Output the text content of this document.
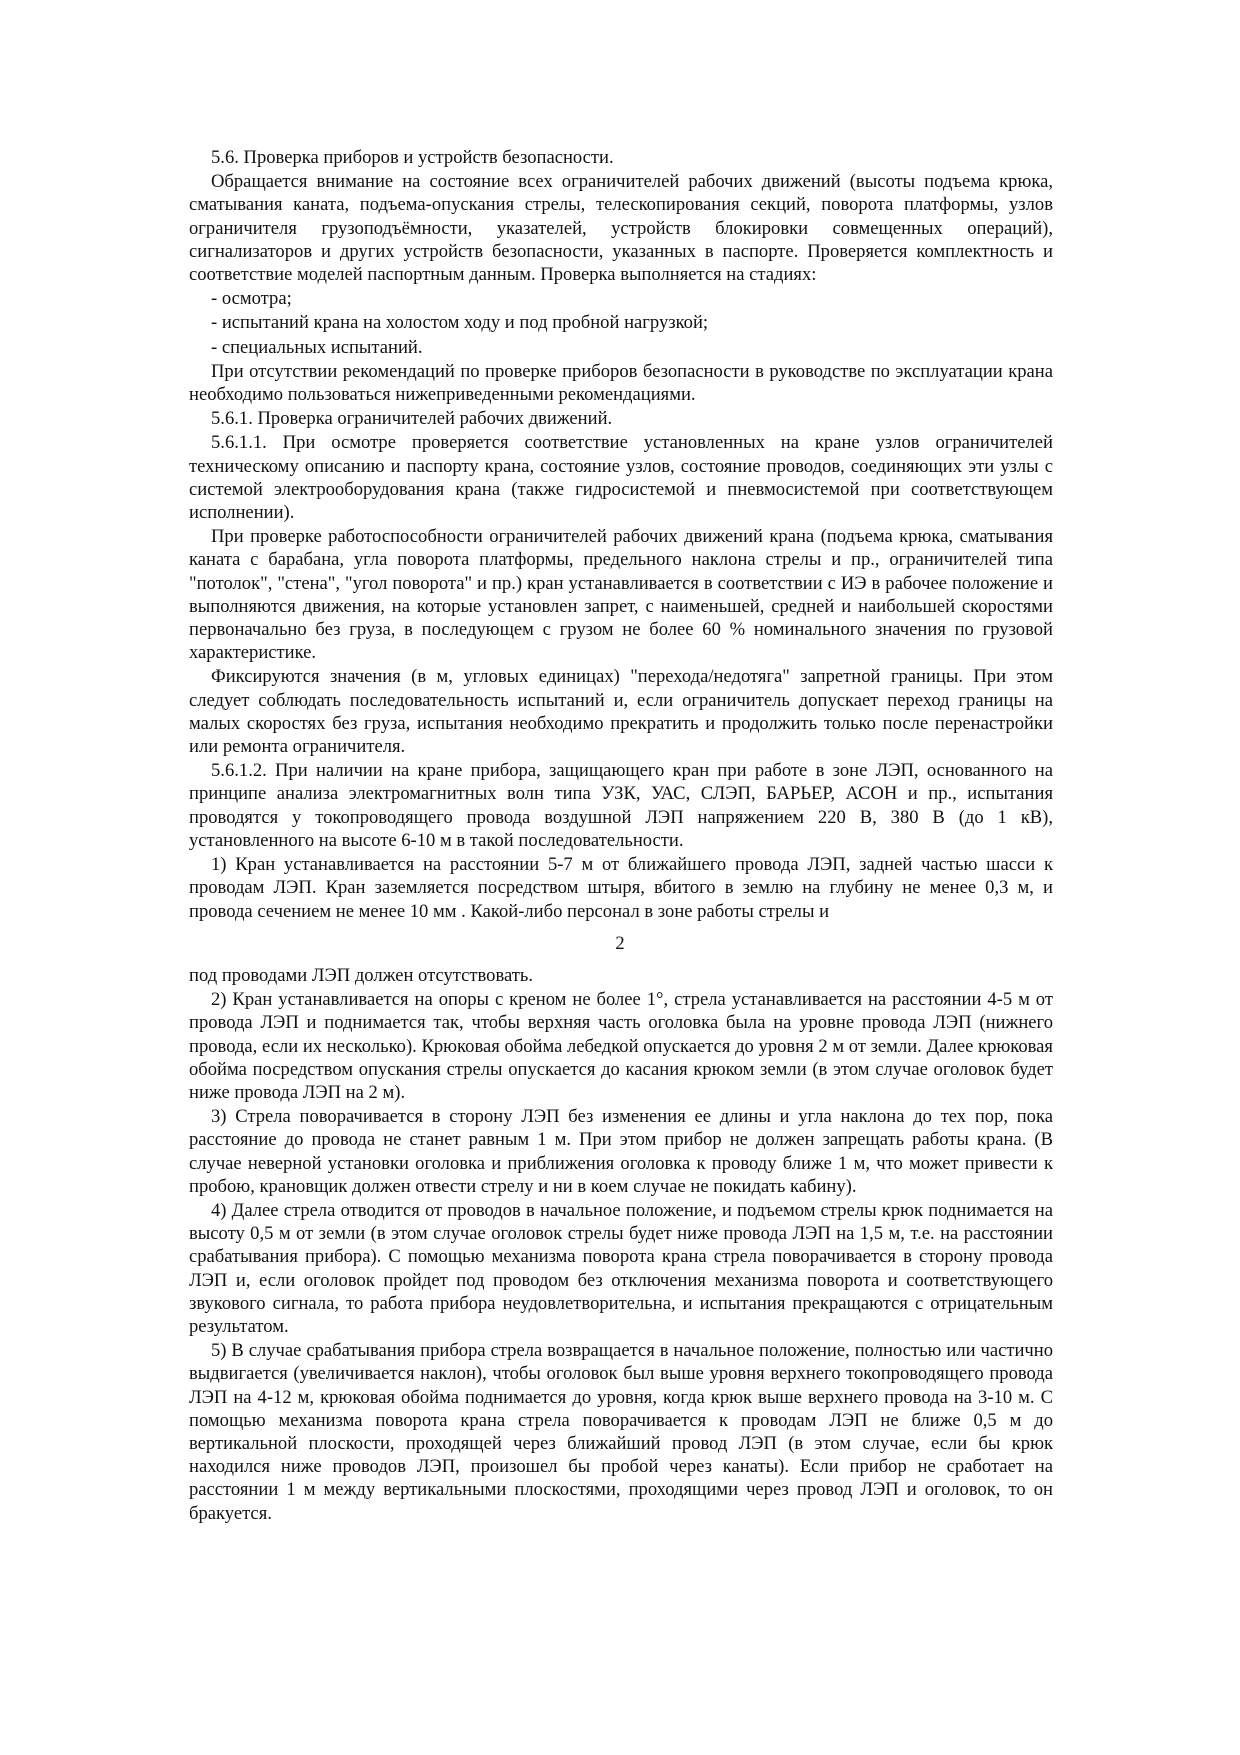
5.6. Проверка приборов и устройств безопасности.

Обращается внимание на состояние всех ограничителей рабочих движений (высоты подъема крюка, сматывания каната, подъема-опускания стрелы, телескопирования секций, поворота платформы, узлов ограничителя грузоподъёмности, указателей, устройств блокировки совмещенных операций), сигнализаторов и других устройств безопасности, указанных в паспорте. Проверяется комплектность и соответствие моделей паспортным данным. Проверка выполняется на стадиях:

- осмотра;

- испытаний крана на холостом ходу и под пробной нагрузкой;

- специальных испытаний.

При отсутствии рекомендаций по проверке приборов безопасности в руководстве по эксплуатации крана необходимо пользоваться нижеприведенными рекомендациями.

5.6.1. Проверка ограничителей рабочих движений.

5.6.1.1. При осмотре проверяется соответствие установленных на кране узлов ограничителей техническому описанию и паспорту крана, состояние узлов, состояние проводов, соединяющих эти узлы с системой электрооборудования крана (также гидросистемой и пневмосистемой при соответствующем исполнении).

При проверке работоспособности ограничителей рабочих движений крана (подъема крюка, сматывания каната с барабана, угла поворота платформы, предельного наклона стрелы и пр., ограничителей типа "потолок", "стена", "угол поворота" и пр.) кран устанавливается в соответствии с ИЭ в рабочее положение и выполняются движения, на которые установлен запрет, с наименьшей, средней и наибольшей скоростями первоначально без груза, в последующем с грузом не более 60 % номинального значения по грузовой характеристике.

Фиксируются значения (в м, угловых единицах) "перехода/недотяга" запретной границы. При этом следует соблюдать последовательность испытаний и, если ограничитель допускает переход границы на малых скоростях без груза, испытания необходимо прекратить и продолжить только после перенастройки или ремонта ограничителя.

5.6.1.2. При наличии на кране прибора, защищающего кран при работе в зоне ЛЭП, основанного на принципе анализа электромагнитных волн типа УЗК, УАС, СЛЭП, БАРЬЕР, АСОН и пр., испытания проводятся у токопроводящего провода воздушной ЛЭП напряжением 220 В, 380 В (до 1 кВ), установленного на высоте 6-10 м в такой последовательности.

1) Кран устанавливается на расстоянии 5-7 м от ближайшего провода ЛЭП, задней частью шасси к проводам ЛЭП. Кран заземляется посредством штыря, вбитого в землю на глубину не менее 0,3 м, и провода сечением не менее 10 мм . Какой-либо персонал в зоне работы стрелы и

2

под проводами ЛЭП должен отсутствовать.

2) Кран устанавливается на опоры с креном не более 1°, стрела устанавливается на расстоянии 4-5 м от провода ЛЭП и поднимается так, чтобы верхняя часть оголовка была на уровне провода ЛЭП (нижнего провода, если их несколько). Крюковая обойма лебедкой опускается до уровня 2 м от земли. Далее крюковая обойма посредством опускания стрелы опускается до касания крюком земли (в этом случае оголовок будет ниже провода ЛЭП на 2 м).

3) Стрела поворачивается в сторону ЛЭП без изменения ее длины и угла наклона до тех пор, пока расстояние до провода не станет равным 1 м. При этом прибор не должен запрещать работы крана. (В случае неверной установки оголовка и приближения оголовка к проводу ближе 1 м, что может привести к пробою, крановщик должен отвести стрелу и ни в коем случае не покидать кабину).

4) Далее стрела отводится от проводов в начальное положение, и подъемом стрелы крюк поднимается на высоту 0,5 м от земли (в этом случае оголовок стрелы будет ниже провода ЛЭП на 1,5 м, т.е. на расстоянии срабатывания прибора). С помощью механизма поворота крана стрела поворачивается в сторону провода ЛЭП и, если оголовок пройдет под проводом без отключения механизма поворота и соответствующего звукового сигнала, то работа прибора неудовлетворительна, и испытания прекращаются с отрицательным результатом.

5) В случае срабатывания прибора стрела возвращается в начальное положение, полностью или частично выдвигается (увеличивается наклон), чтобы оголовок был выше уровня верхнего токопроводящего провода ЛЭП на 4-12 м, крюковая обойма поднимается до уровня, когда крюк выше верхнего провода на 3-10 м. С помощью механизма поворота крана стрела поворачивается к проводам ЛЭП не ближе 0,5 м до вертикальной плоскости, проходящей через ближайший провод ЛЭП (в этом случае, если бы крюк находился ниже проводов ЛЭП, произошел бы пробой через канаты). Если прибор не сработает на расстоянии 1 м между вертикальными плоскостями, проходящими через провод ЛЭП и оголовок, то он бракуется.
